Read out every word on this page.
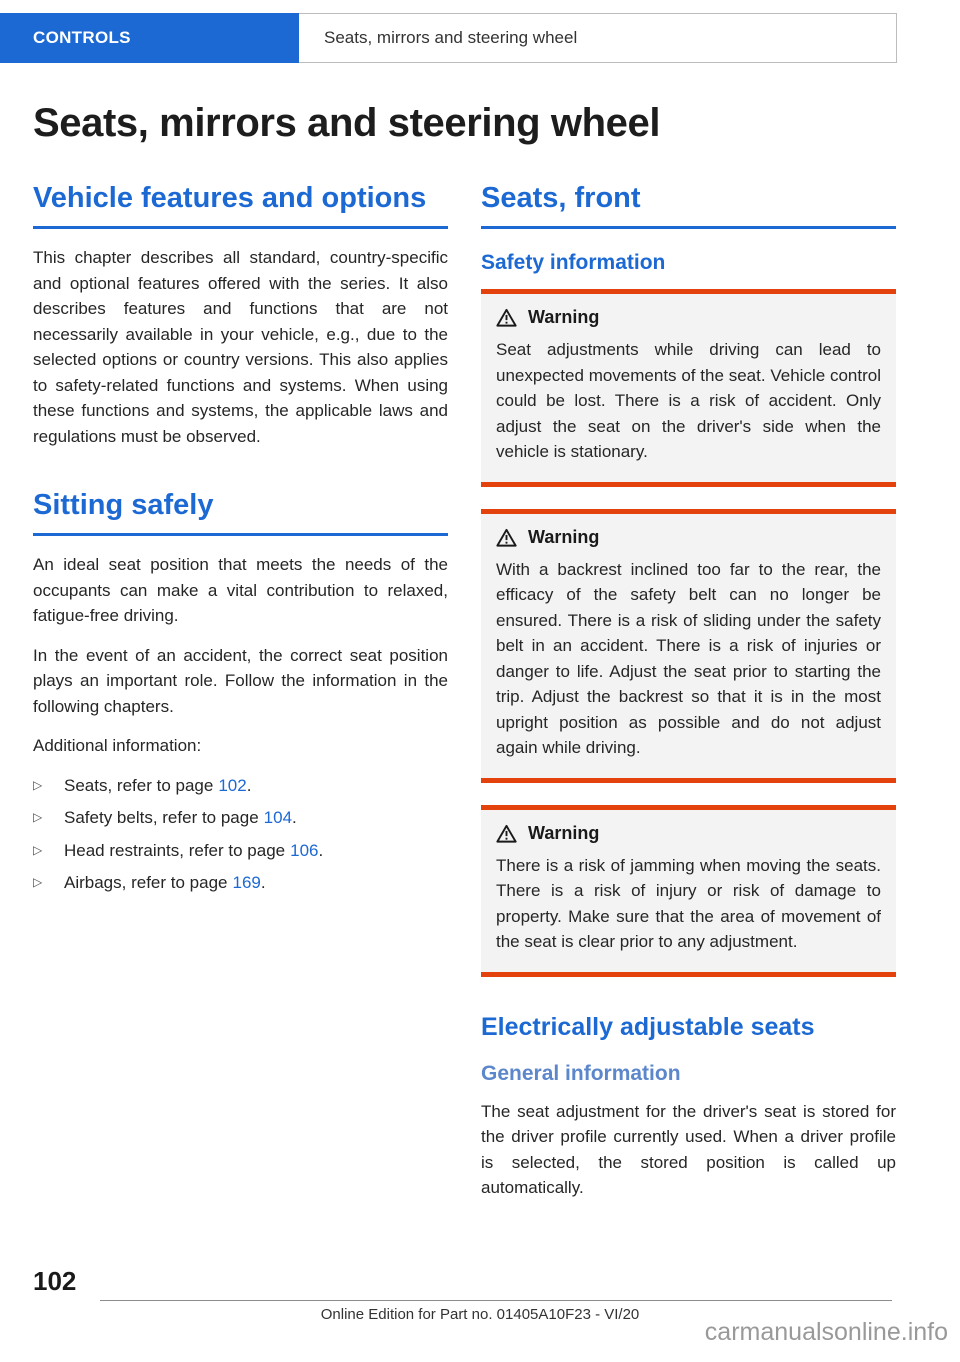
CONTROLS	Seats, mirrors and steering wheel
Seats, mirrors and steering wheel
Vehicle features and options

This chapter describes all standard, country-specific and optional features offered with the series. It also describes features and functions that are not necessarily available in your vehicle, e.g., due to the selected options or country versions. This also applies to safety-related functions and systems. When using these functions and systems, the applicable laws and regulations must be observed.

Sitting safely

An ideal seat position that meets the needs of the occupants can make a vital contribution to relaxed, fatigue-free driving.

In the event of an accident, the correct seat position plays an important role. Follow the information in the following chapters.

Additional information:

▷	Seats, refer to page 102.
▷	Safety belts, refer to page 104.
▷	Head restraints, refer to page 106.
▷	Airbags, refer to page 169.
Seats, front
Safety information
Warning

Seat adjustments while driving can lead to unexpected movements of the seat. Vehicle control could be lost. There is a risk of accident. Only adjust the seat on the driver's side when the vehicle is stationary.

Warning

With a backrest inclined too far to the rear, the efficacy of the safety belt can no longer be ensured. There is a risk of sliding under the safety belt in an accident. There is a risk of injuries or danger to life. Adjust the seat prior to starting the trip. Adjust the backrest so that it is in the most upright position as possible and do not adjust again while driving.

Warning

There is a risk of jamming when moving the seats. There is a risk of injury or risk of damage to property. Make sure that the area of movement of the seat is clear prior to any adjustment.

Electrically adjustable seats
General information

The seat adjustment for the driver's seat is stored for the driver profile currently used. When a driver profile is selected, the stored position is called up automatically.

102
Online Edition for Part no. 01405A10F23 - VI/20
carmanualsonline.info
